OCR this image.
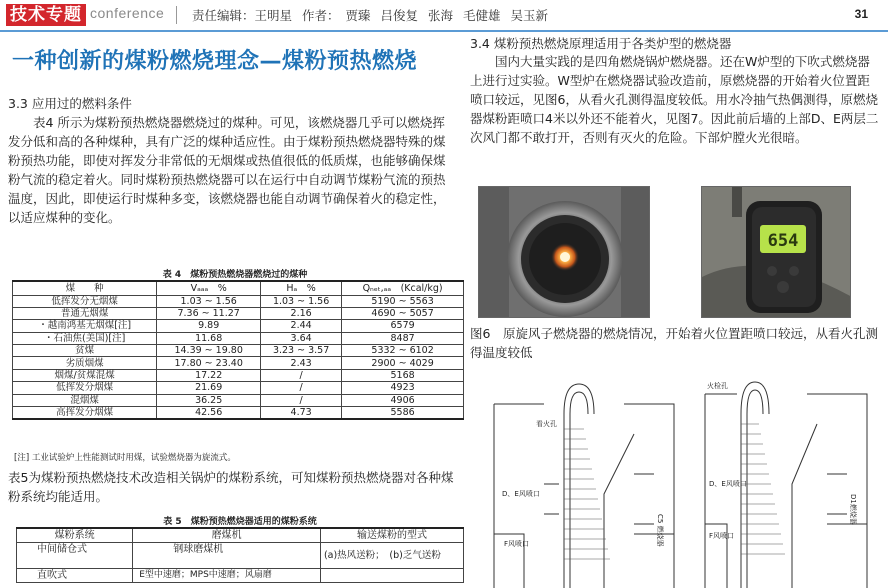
技术专题 conference 责任编辑：王明星 作者： 贾臻 吕俊复 张海 毛健雄 吴玉新	31
一种创新的煤粉燃烧理念—煤粉预热燃烧
3.3 应用过的燃料条件
表4 所示为煤粉预热燃烧器燃烧过的煤种。可见，该燃烧器几乎可以燃烧挥发分低和高的各种煤种，具有广泛的煤种适应性。由于煤粉预热燃烧器特殊的煤粉预热功能，即使对挥发分非常低的无烟煤或热值很低的低质煤，也能够确保煤粉气流的稳定着火。同时煤粉预热燃烧器可以在运行中自动调节煤粉气流的预热温度，因此，即使运行时煤种多变，该燃烧器也能自动调节确保着火的稳定性，以适应煤种的变化。
表 4　煤粉预热燃烧器燃烧过的煤种
煤　　种	Vₐₐₐ　%	Hₐ　%	Qₙₑₜ,ₐₐ　(Kcal/kg)
低挥发分无烟煤	1.03 ~ 1.56	1.03 ~ 1.56	5190 ~ 5563
普通无烟煤	7.36 ~ 11.27	2.16	4690 ~ 5057
・越南鸿基无烟煤[注]	9.89	2.44	6579
・石油焦(美国)[注]	11.68	3.64	8487
贫煤	14.39 ~ 19.80	3.23 ~ 3.57	5332 ~ 6102
劣质烟煤	17.80 ~ 23.40	2.43	2900 ~ 4029
烟煤/贫煤混煤	17.22	/	5168
低挥发分烟煤	21.69	/	4923
混烟煤	36.25	/	4906
高挥发分烟煤	42.56	4.73	5586
[注] 工业试验炉上性能测试时用煤，试验燃烧器为旋流式。
表5为煤粉预热燃烧技术改造相关锅炉的煤粉系统，可知煤粉预热燃烧器对各种煤粉系统均能适用。
表 5　煤粉预热燃烧器适用的煤粉系统
煤粉系统	磨煤机	输送煤粉的型式
中间储仓式	钢球磨煤机	(a)热风送粉；　(b)乏气送粉
直吹式	E型中速磨；MPS中速磨；风扇磨	
3.4 煤粉预热燃烧原理适用于各类炉型的燃烧器
国内大量实践的是四角燃烧锅炉燃烧器。还在W炉型的下吹式燃烧器上进行过实验。W型炉在燃烧器试验改造前，原燃烧器的开始着火位置距喷口较远，见图6，从看火孔测得温度较低。用水冷抽气热偶测得，原燃烧器煤粉距喷口4米以外还不能着火，见图7。因此前后墙的上部D、E两层二次风门都不敢打开，否则有灭火的危险。下部炉膛火光很暗。
654
图6　原旋风子燃烧器的燃烧情况，开始着火位置距喷口较远，从看火孔测得温度较低
看火孔
D、E风喷口
F风喷口	C5 燃烧器
火检孔
D、E风喷口
F风喷口
D1燃烧器
